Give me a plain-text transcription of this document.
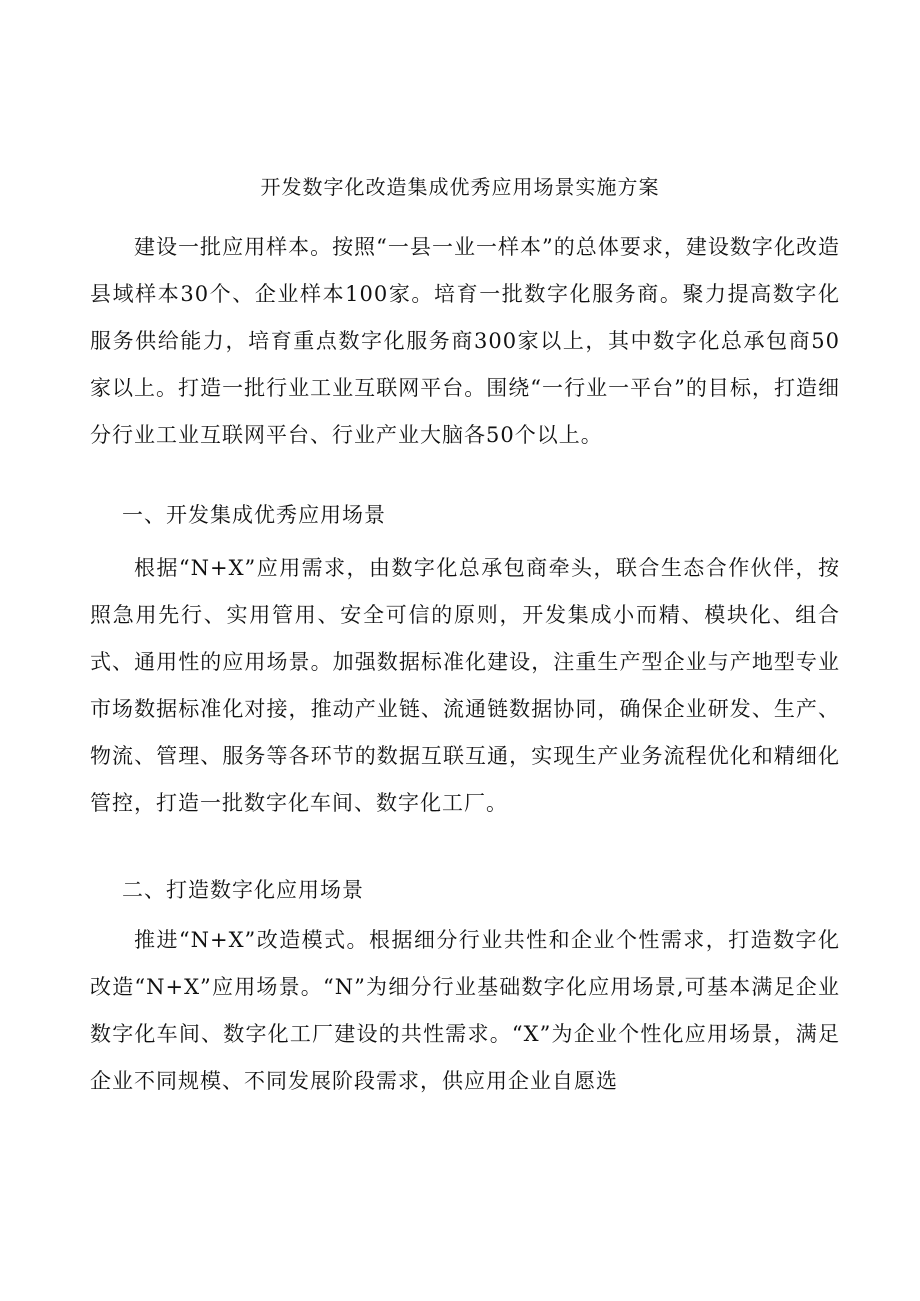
开发数字化改造集成优秀应用场景实施方案

建设一批应用样本。按照“一县一业一样本”的总体要求，建设数字化改造县域样本30个、企业样本100家。培育一批数字化服务商。聚力提高数字化服务供给能力，培育重点数字化服务商300家以上，其中数字化总承包商50家以上。打造一批行业工业互联网平台。围绕“一行业一平台”的目标，打造细分行业工业互联网平台、行业产业大脑各50个以上。

一、开发集成优秀应用场景

根据“N+X”应用需求，由数字化总承包商牵头，联合生态合作伙伴，按照急用先行、实用管用、安全可信的原则，开发集成小而精、模块化、组合式、通用性的应用场景。加强数据标准化建设，注重生产型企业与产地型专业市场数据标准化对接，推动产业链、流通链数据协同，确保企业研发、生产、物流、管理、服务等各环节的数据互联互通，实现生产业务流程优化和精细化管控，打造一批数字化车间、数字化工厂。

二、打造数字化应用场景

推进“N+X”改造模式。根据细分行业共性和企业个性需求，打造数字化改造“N+X”应用场景。“N”为细分行业基础数字化应用场景,可基本满足企业数字化车间、数字化工厂建设的共性需求。“X”为企业个性化应用场景，满足企业不同规模、不同发展阶段需求，供应用企业自愿选
